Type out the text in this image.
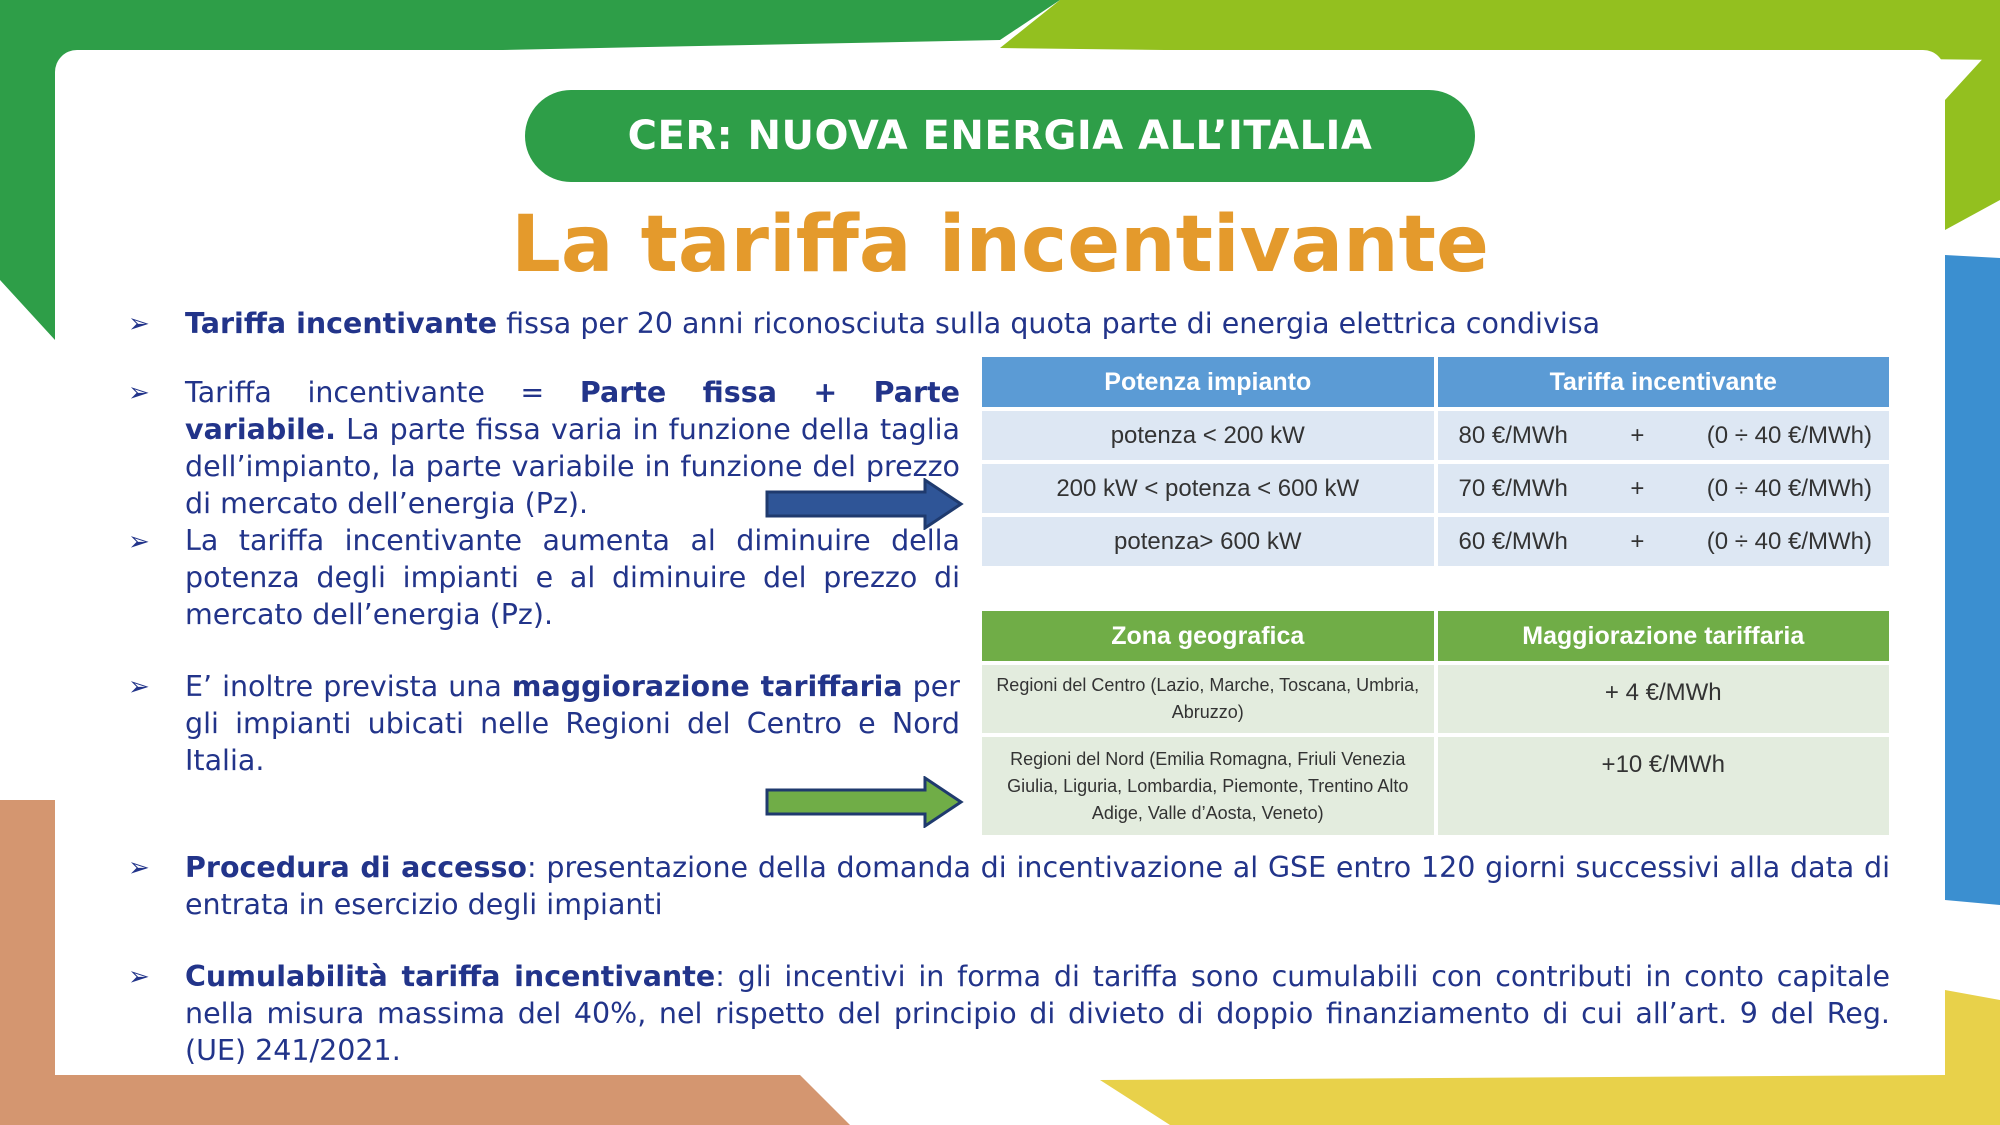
CER: NUOVA ENERGIA ALL’ITALIA
La tariffa incentivante
➢ Tariffa incentivante fissa per 20 anni riconosciuta sulla quota parte di energia elettrica condivisa
➢ Tariffa incentivante = Parte fissa + Parte variabile. La parte fissa varia in funzione della taglia dell’impianto, la parte variabile in funzione del prezzo di mercato dell’energia (Pz).
➢ La tariffa incentivante aumenta al diminuire della potenza degli impianti e al diminuire del prezzo di mercato dell’energia (Pz).
➢ E’ inoltre prevista una maggiorazione tariffaria per gli impianti ubicati nelle Regioni del Centro e Nord Italia.
Potenza impianto	Tariffa incentivante
potenza < 200 kW	80 €/MWh + (0 ÷ 40 €/MWh)

200 kW < potenza < 600 kW	70 €/MWh + (0 ÷ 40 €/MWh)

potenza> 600 kW	60 €/MWh + (0 ÷ 40 €/MWh)
Zona geografica	Maggiorazione tariffaria
Regioni del Centro (Lazio, Marche, Toscana, Umbria, Abruzzo)	+ 4 €/MWh
Regioni del Nord (Emilia Romagna, Friuli Venezia Giulia, Liguria, Lombardia, Piemonte, Trentino Alto Adige, Valle d’Aosta, Veneto)	+10 €/MWh
➢ Procedura di accesso: presentazione della domanda di incentivazione al GSE entro 120 giorni successivi alla data di entrata in esercizio degli impianti
➢ Cumulabilità tariffa incentivante: gli incentivi in forma di tariffa sono cumulabili con contributi in conto capitale nella misura massima del 40%, nel rispetto del principio di divieto di doppio finanziamento di cui all’art. 9 del Reg. (UE) 241/2021.
